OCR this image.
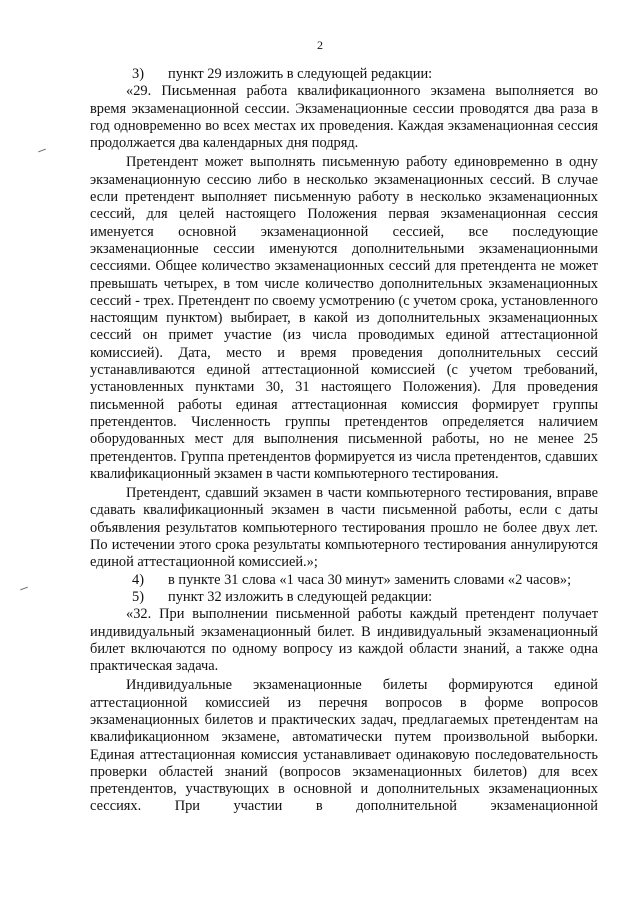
2

3) пункт 29 изложить в следующей редакции:

«29. Письменная работа квалификационного экзамена выполняется во время экзаменационной сессии. Экзаменационные сессии проводятся два раза в год одновременно во всех местах их проведения. Каждая экзаменационная сессия продолжается два календарных дня подряд.

Претендент может выполнять письменную работу единовременно в одну экзаменационную сессию либо в несколько экзаменационных сессий. В случае если претендент выполняет письменную работу в несколько экзаменационных сессий, для целей настоящего Положения первая экзаменационная сессия именуется основной экзаменационной сессией, все последующие экзаменационные сессии именуются дополнительными экзаменационными сессиями. Общее количество экзаменационных сессий для претендента не может превышать четырех, в том числе количество дополнительных экзаменационных сессий - трех. Претендент по своему усмотрению (с учетом срока, установленного настоящим пунктом) выбирает, в какой из дополнительных экзаменационных сессий он примет участие (из числа проводимых единой аттестационной комиссией). Дата, место и время проведения дополнительных сессий устанавливаются единой аттестационной комиссией (с учетом требований, установленных пунктами 30, 31 настоящего Положения). Для проведения письменной работы единая аттестационная комиссия формирует группы претендентов. Численность группы претендентов определяется наличием оборудованных мест для выполнения письменной работы, но не менее 25 претендентов. Группа претендентов формируется из числа претендентов, сдавших квалификационный экзамен в части компьютерного тестирования.

Претендент, сдавший экзамен в части компьютерного тестирования, вправе сдавать квалификационный экзамен в части письменной работы, если с даты объявления результатов компьютерного тестирования прошло не более двух лет. По истечении этого срока результаты компьютерного тестирования аннулируются единой аттестационной комиссией.»;

4) в пункте 31 слова «1 часа 30 минут» заменить словами «2 часов»;

5) пункт 32 изложить в следующей редакции:

«32. При выполнении письменной работы каждый претендент получает индивидуальный экзаменационный билет. В индивидуальный экзаменационный билет включаются по одному вопросу из каждой области знаний, а также одна практическая задача.

Индивидуальные экзаменационные билеты формируются единой аттестационной комиссией из перечня вопросов в форме вопросов экзаменационных билетов и практических задач, предлагаемых претендентам на квалификационном экзамене, автоматически путем произвольной выборки. Единая аттестационная комиссия устанавливает одинаковую последовательность проверки областей знаний (вопросов экзаменационных билетов) для всех претендентов, участвующих в основной и дополнительных экзаменационных сессиях. При участии в дополнительной экзаменационной
